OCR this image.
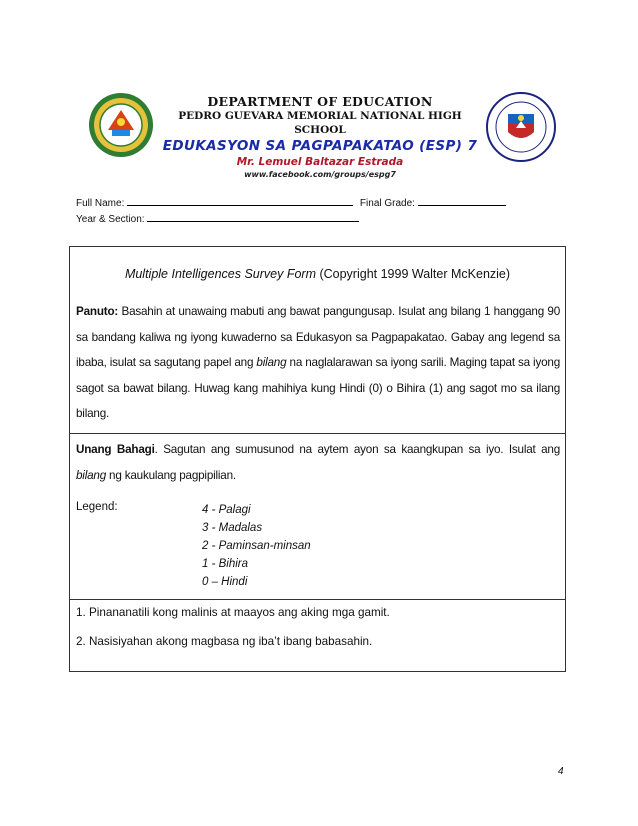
DEPARTMENT OF EDUCATION
PEDRO GUEVARA MEMORIAL NATIONAL HIGH SCHOOL
EDUKASYON SA PAGPAPAKATAO (ESP) 7
Mr. Lemuel Baltazar Estrada
www.facebook.com/groups/espg7
Full Name:	Final Grade:
Year & Section:
Multiple Intelligences Survey Form (Copyright 1999 Walter McKenzie)
Panuto: Basahin at unawaing mabuti ang bawat pangungusap. Isulat ang bilang 1 hanggang 90 sa bandang kaliwa ng iyong kuwaderno sa Edukasyon sa Pagpapakatao. Gabay ang legend sa ibaba, isulat sa sagutang papel ang bilang na naglalarawan sa iyong sarili. Maging tapat sa iyong sagot sa bawat bilang. Huwag kang mahihiya kung Hindi (0) o Bihira (1) ang sagot mo sa ilang bilang.
Unang Bahagi. Sagutan ang sumusunod na aytem ayon sa kaangkupan sa iyo. Isulat ang bilang ng kaukulang pagpipilian.
Legend:	4 - Palagi
3 - Madalas
2 - Paminsan-minsan
1 - Bihira
0 – Hindi
1. Pinananatili kong malinis at maayos ang aking mga gamit.
2. Nasisiyahan akong magbasa ng iba’t ibang babasahin.
4
